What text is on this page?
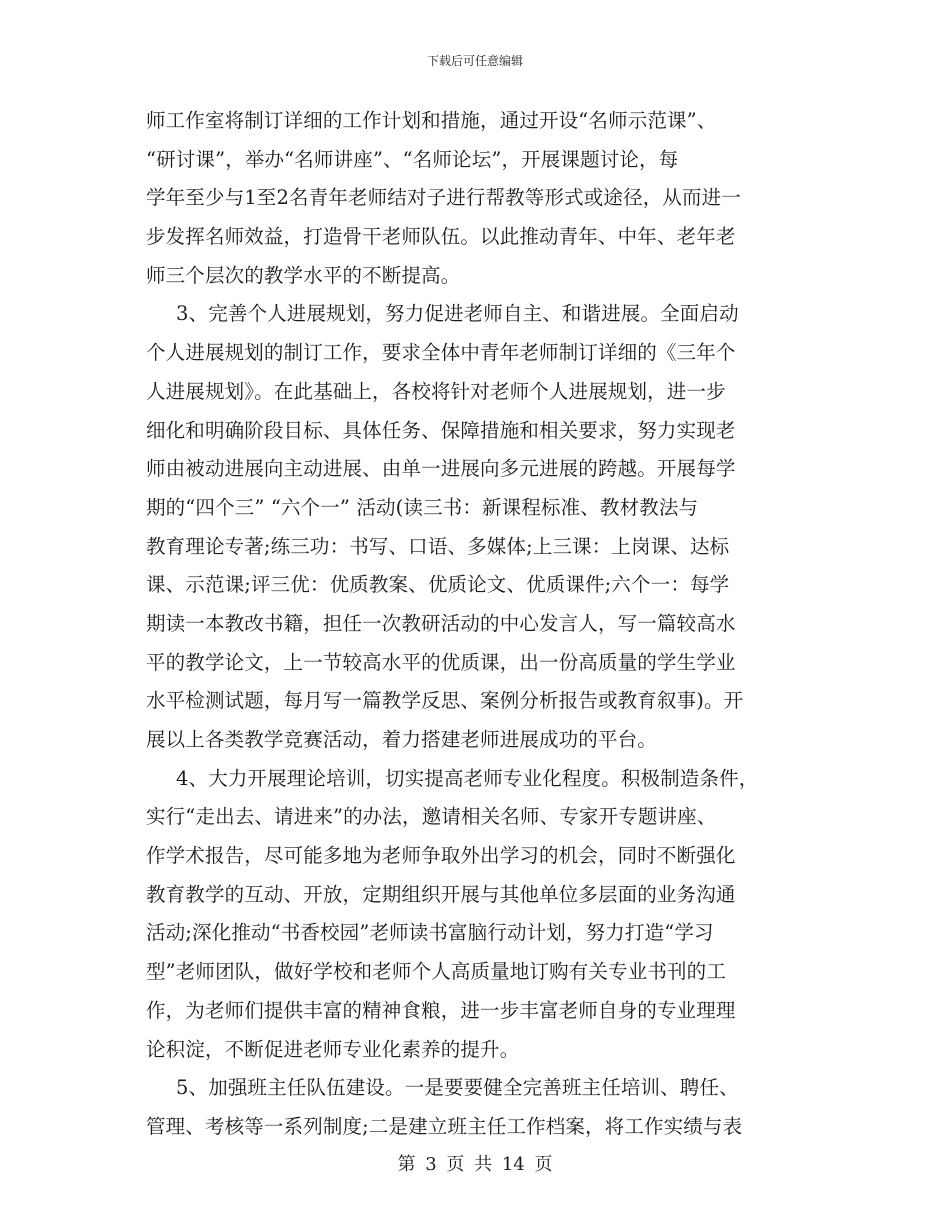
下载后可任意编辑
师工作室将制订详细的工作计划和措施，通过开设“名师示范课”、
“研讨课”，举办“名师讲座”、“名师论坛”，开展课题讨论，每
学年至少与1至2名青年老师结对子进行帮教等形式或途径，从而进一
步发挥名师效益，打造骨干老师队伍。以此推动青年、中年、老年老
师三个层次的教学水平的不断提高。
3、完善个人进展规划，努力促进老师自主、和谐进展。全面启动
个人进展规划的制订工作，要求全体中青年老师制订详细的《三年个
人进展规划》。在此基础上，各校将针对老师个人进展规划，进一步
细化和明确阶段目标、具体任务、保障措施和相关要求，努力实现老
师由被动进展向主动进展、由单一进展向多元进展的跨越。开展每学
期的“四个三” “六个一” 活动(读三书：新课程标准、教材教法与
教育理论专著;练三功：书写、口语、多媒体;上三课：上岗课、达标
课、示范课;评三优：优质教案、优质论文、优质课件;六个一：每学
期读一本教改书籍，担任一次教研活动的中心发言人，写一篇较高水
平的教学论文，上一节较高水平的优质课，出一份高质量的学生学业
水平检测试题，每月写一篇教学反思、案例分析报告或教育叙事)。开
展以上各类教学竞赛活动，着力搭建老师进展成功的平台。
4、大力开展理论培训，切实提高老师专业化程度。积极制造条件，
实行“走出去、请进来”的办法，邀请相关名师、专家开专题讲座、
作学术报告，尽可能多地为老师争取外出学习的机会，同时不断强化
教育教学的互动、开放，定期组织开展与其他单位多层面的业务沟通
活动;深化推动“书香校园”老师读书富脑行动计划，努力打造“学习
型”老师团队，做好学校和老师个人高质量地订购有关专业书刊的工
作，为老师们提供丰富的精神食粮，进一步丰富老师自身的专业理理
论积淀，不断促进老师专业化素养的提升。
5、加强班主任队伍建设。一是要要健全完善班主任培训、聘任、
管理、考核等一系列制度;二是建立班主任工作档案，将工作实绩与表
第 3 页 共 14 页
